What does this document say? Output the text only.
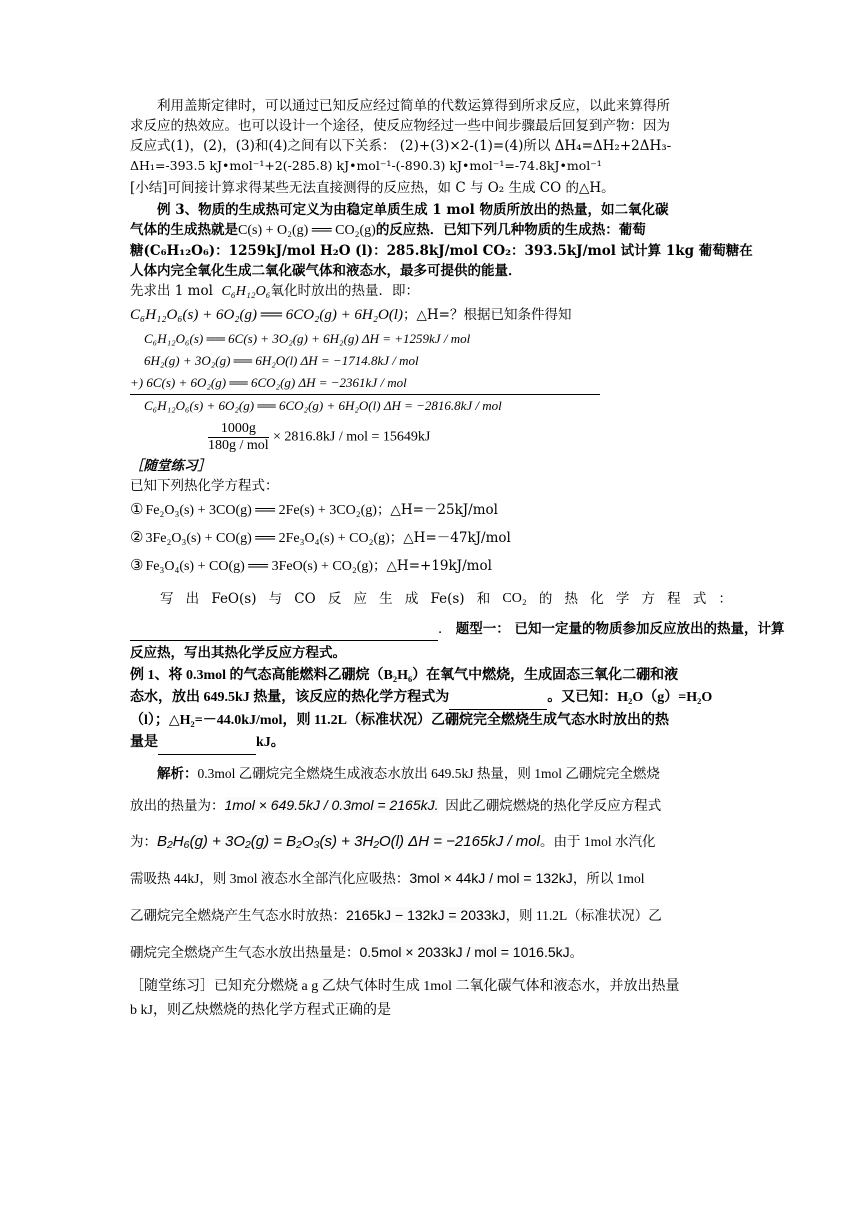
利用盖斯定律时，可以通过已知反应经过简单的代数运算得到所求反应，以此来算得所
求反应的热效应。也可以设计一个途径，使反应物经过一些中间步骤最后回复到产物：因为
反应式(1)，(2)，(3)和(4)之间有以下关系： (2)+(3)×2-(1)=(4)所以 ΔH₄=ΔH₂+2ΔH₃-
ΔH₁=-393.5 kJ•mol⁻¹+2(-285.8) kJ•mol⁻¹-(-890.3) kJ•mol⁻¹=-74.8kJ•mol⁻¹
[小结]可间接计算求得某些无法直接测得的反应热，如 C 与 O₂ 生成 CO 的△H。
例 3、物质的生成热可定义为由稳定单质生成 1 mol 物质所放出的热量，如二氧化碳
气体的生成热就是C(s) + O₂(g) ══ CO₂(g)的反应热．已知下列几种物质的生成热：葡萄
糖(C₆H₁₂O₆)：1259kJ/mol H₂O (l)：285.8kJ/mol CO₂：393.5kJ/mol 试计算 1kg 葡萄糖在
人体内完全氧化生成二氧化碳气体和液态水，最多可提供的能量．
先求出 1 mol C₆H₁₂O₆氧化时放出的热量．即：
C₆H₁₂O₆(s) + 6O₂(g) ══ 6CO₂(g) + 6H₂O(l)；△H=？根据已知条件得知
C₆H₁₂O₆(s) ══ 6C(s) + 3O₂(g) + 6H₂(g) ΔH = +1259kJ / mol
6H₂(g) + 3O₂(g) ══ 6H₂O(l) ΔH = −1714.8kJ / mol
+) 6C(s) + 6O₂(g) ══ 6CO₂(g) ΔH = −2361kJ / mol
C₆H₁₂O₆(s) + 6O₂(g) ══ 6CO₂(g) + 6H₂O(l) ΔH = −2816.8kJ / mol
$\frac{1000g}{\text{180g / mol}} \times 2816.8kJ$ / mol = 15649kJ
［随堂练习］
已知下列热化学方程式：
① Fe₂O₃(s) + 3CO(g) ══ 2Fe(s) + 3CO₂(g)；△H=－25kJ/mol
② 3Fe₂O₃(s) + CO(g) ══ 2Fe₃O₄(s) + CO₂(g)；△H=－47kJ/mol
③ Fe₃O₄(s) + CO(g) ══ 3FeO(s) + CO₂(g)；△H=+19kJ/mol
写 出 FeO(s) 与 CO 反 应 生 成 Fe(s) 和 CO₂ 的 热 化 学 方 程 式 ：
． 题型一： 已知一定量的物质参加反应放出的热量，计算
反应热，写出其热化学反应方程式。
例 1、将 0.3mol 的气态高能燃料乙硼烷（B₂H₆）在氧气中燃烧，生成固态三氧化二硼和液
态水，放出 649.5kJ 热量，该反应的热化学方程式为	。又已知：H₂O（g）=H₂O
（l）；△H₂=－44.0kJ/mol，则 11.2L（标准状况）乙硼烷完全燃烧生成气态水时放出的热
量是	kJ。
解析：0.3mol 乙硼烷完全燃烧生成液态水放出 649.5kJ 热量，则 1mol 乙硼烷完全燃烧
放出的热量为：1mol × 649.5kJ / 0.3mol = 2165kJ. 因此乙硼烷燃烧的热化学反应方程式
为：B₂H₆(g) + 3O₂(g) = B₂O₃(s) + 3H₂O(l) ΔH = −2165kJ / mol。由于 1mol 水汽化
需吸热 44kJ，则 3mol 液态水全部汽化应吸热：3mol × 44kJ / mol = 132kJ，所以 1mol
乙硼烷完全燃烧产生气态水时放热：2165kJ − 132kJ = 2033kJ，则 11.2L（标准状况）乙
硼烷完全燃烧产生气态水放出热量是：0.5mol × 2033kJ / mol = 1016.5kJ。
［随堂练习］已知充分燃烧 a g 乙炔气体时生成 1mol 二氧化碳气体和液态水，并放出热量
b kJ，则乙炔燃烧的热化学方程式正确的是
